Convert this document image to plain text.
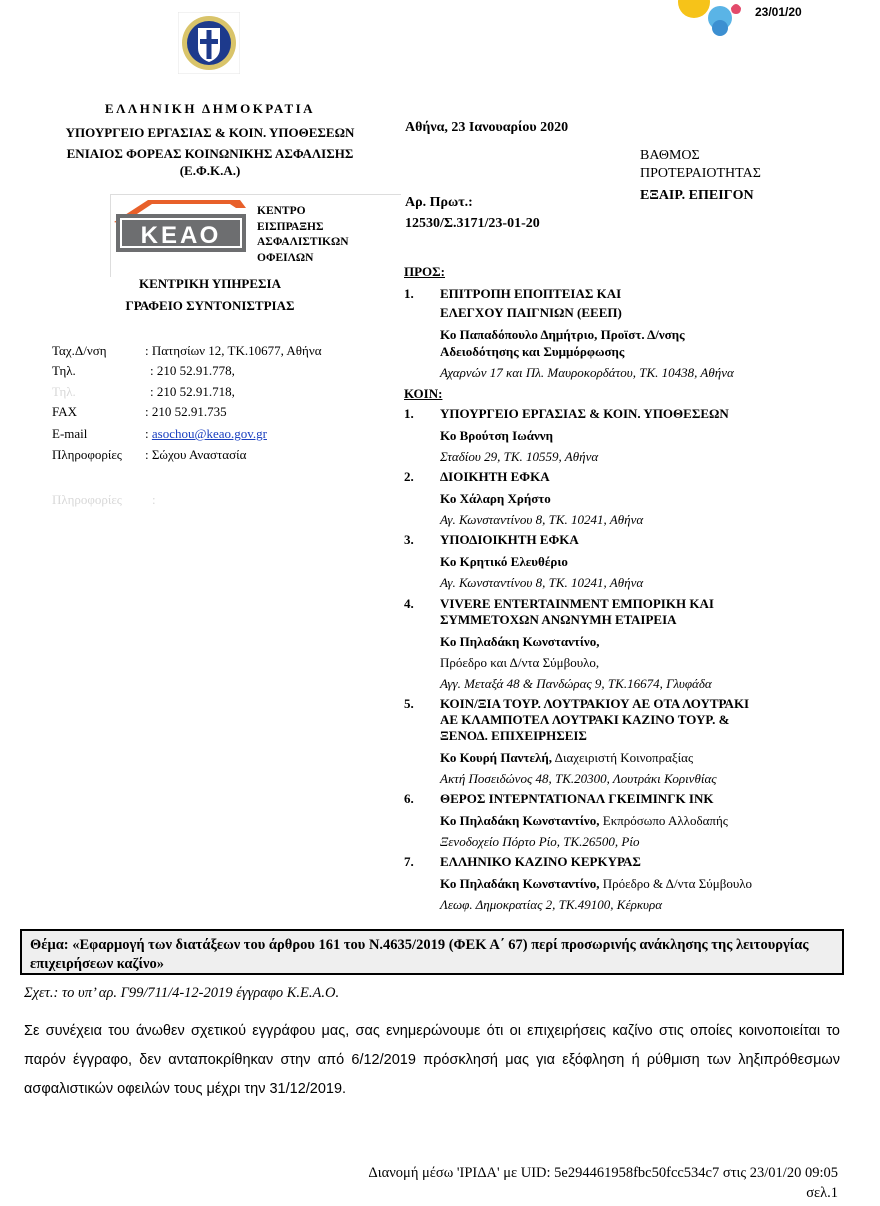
23/01/20
ΕΛΛΗΝΙΚΗ ΔΗΜΟΚΡΑΤΙΑ
ΥΠΟΥΡΓΕΙΟ ΕΡΓΑΣΙΑΣ & ΚΟΙΝ. ΥΠΟΘΕΣΕΩΝ
ΕΝΙΑΙΟΣ ΦΟΡΕΑΣ ΚΟΙΝΩΝΙΚΗΣ ΑΣΦΑΛΙΣΗΣ
(Ε.Φ.Κ.Α.)
ΚΕΑΟ
ΚΕΝΤΡΟ
ΕΙΣΠΡΑΞΗΣ
ΑΣΦΑΛΙΣΤΙΚΩΝ
ΟΦΕΙΛΩΝ
ΚΕΝΤΡΙΚΗ ΥΠΗΡΕΣΙΑ
ΓΡΑΦΕΙΟ ΣΥΝΤΟΝΙΣΤΡΙΑΣ
Ταχ.Δ/νση	: Πατησίων 12, ΤΚ.10677, Αθήνα
Τηλ.	: 210 52.91.778,
Τηλ.	: 210 52.91.718,
FAX	: 210 52.91.735
E-mail	: asochou@keao.gov.gr
Πληροφορίες : Σώχου Αναστασία
Πληροφορίες :
Αθήνα, 23 Ιανουαρίου 2020
ΒΑΘΜΟΣ
ΠΡΟΤΕΡΑΙΟΤΗΤΑΣ
ΕΞΑΙΡ. ΕΠΕΙΓΟΝ
Αρ. Πρωτ.:
12530/Σ.3171/23-01-20
ΠΡΟΣ:
1. ΕΠΙΤΡΟΠΗ ΕΠΟΠΤΕΙΑΣ ΚΑΙ
ΕΛΕΓΧΟΥ ΠΑΙΓΝΙΩΝ (ΕΕΕΠ)
Κο Παπαδόπουλο Δημήτριο, Προϊστ. Δ/νσης
Αδειοδότησης και Συμμόρφωσης
Αχαρνών 17 και Πλ. Μαυροκορδάτου, ΤΚ. 10438, Αθήνα
ΚΟΙΝ:
1. ΥΠΟΥΡΓΕΙΟ ΕΡΓΑΣΙΑΣ & ΚΟΙΝ. ΥΠΟΘΕΣΕΩΝ
Κο Βρούτση Ιωάννη
Σταδίου 29, ΤΚ. 10559, Αθήνα
2. ΔΙΟΙΚΗΤΗ ΕΦΚΑ
Κο Χάλαρη Χρήστο
Αγ. Κωνσταντίνου 8, ΤΚ. 10241, Αθήνα
3. ΥΠΟΔΙΟΙΚΗΤΗ ΕΦΚΑ
Κο Κρητικό Ελευθέριο
Αγ. Κωνσταντίνου 8, ΤΚ. 10241, Αθήνα
4. VIVERE ENTERTAINMENT ΕΜΠΟΡΙΚΗ ΚΑΙ
ΣΥΜΜΕΤΟΧΩΝ ΑΝΩΝΥΜΗ ΕΤΑΙΡΕΙΑ
Κο Πηλαδάκη Κωνσταντίνο,
Πρόεδρο και Δ/ντα Σύμβουλο,
Αγγ. Μεταξά 48 & Πανδώρας 9, ΤΚ.16674, Γλυφάδα
5. ΚΟΙΝ/ΞΙΑ ΤΟΥΡ. ΛΟΥΤΡΑΚΙΟΥ ΑΕ ΟΤΑ ΛΟΥΤΡΑΚΙ
ΑΕ ΚΛΑΜΠΟΤΕΛ ΛΟΥΤΡΑΚΙ ΚΑΖΙΝΟ ΤΟΥΡ. &
ΞΕΝΟΔ. ΕΠΙΧΕΙΡΗΣΕΙΣ
Κο Κουρή Παντελή, Διαχειριστή Κοινοπραξίας
Ακτή Ποσειδώνος 48, ΤΚ.20300, Λουτράκι Κορινθίας
6. ΘΕΡΟΣ ΙΝΤΕΡΝΤΑΤΙΟΝΑΛ ΓΚΕΙΜΙΝΓΚ ΙΝΚ
Κο Πηλαδάκη Κωνσταντίνο, Εκπρόσωπο Αλλοδαπής
Ξενοδοχείο Πόρτο Ρίο, ΤΚ.26500, Ρίο
7. ΕΛΛΗΝΙΚΟ ΚΑΖΙΝΟ ΚΕΡΚΥΡΑΣ
Κο Πηλαδάκη Κωνσταντίνο, Πρόεδρο & Δ/ντα Σύμβουλο
Λεωφ. Δημοκρατίας 2, ΤΚ.49100, Κέρκυρα
Θέμα: «Εφαρμογή των διατάξεων του άρθρου 161 του Ν.4635/2019 (ΦΕΚ Α΄ 67) περί προσωρινής ανάκλησης της λειτουργίας επιχειρήσεων καζίνο»
Σχετ.: το υπ’ αρ. Γ99/711/4-12-2019 έγγραφο Κ.Ε.Α.Ο.
Σε συνέχεια του άνωθεν σχετικού εγγράφου μας, σας ενημερώνουμε ότι οι επιχειρήσεις καζίνο στις οποίες κοινοποιείται το παρόν έγγραφο, δεν ανταποκρίθηκαν στην από 6/12/2019 πρόσκλησή μας για εξόφληση ή ρύθμιση των ληξιπρόθεσμων ασφαλιστικών οφειλών τους μέχρι την 31/12/2019.
Διανομή μέσω 'ΙΡΙΔΑ' με UID: 5e294461958fbc50fcc534c7 στις 23/01/20 09:05
σελ.1
